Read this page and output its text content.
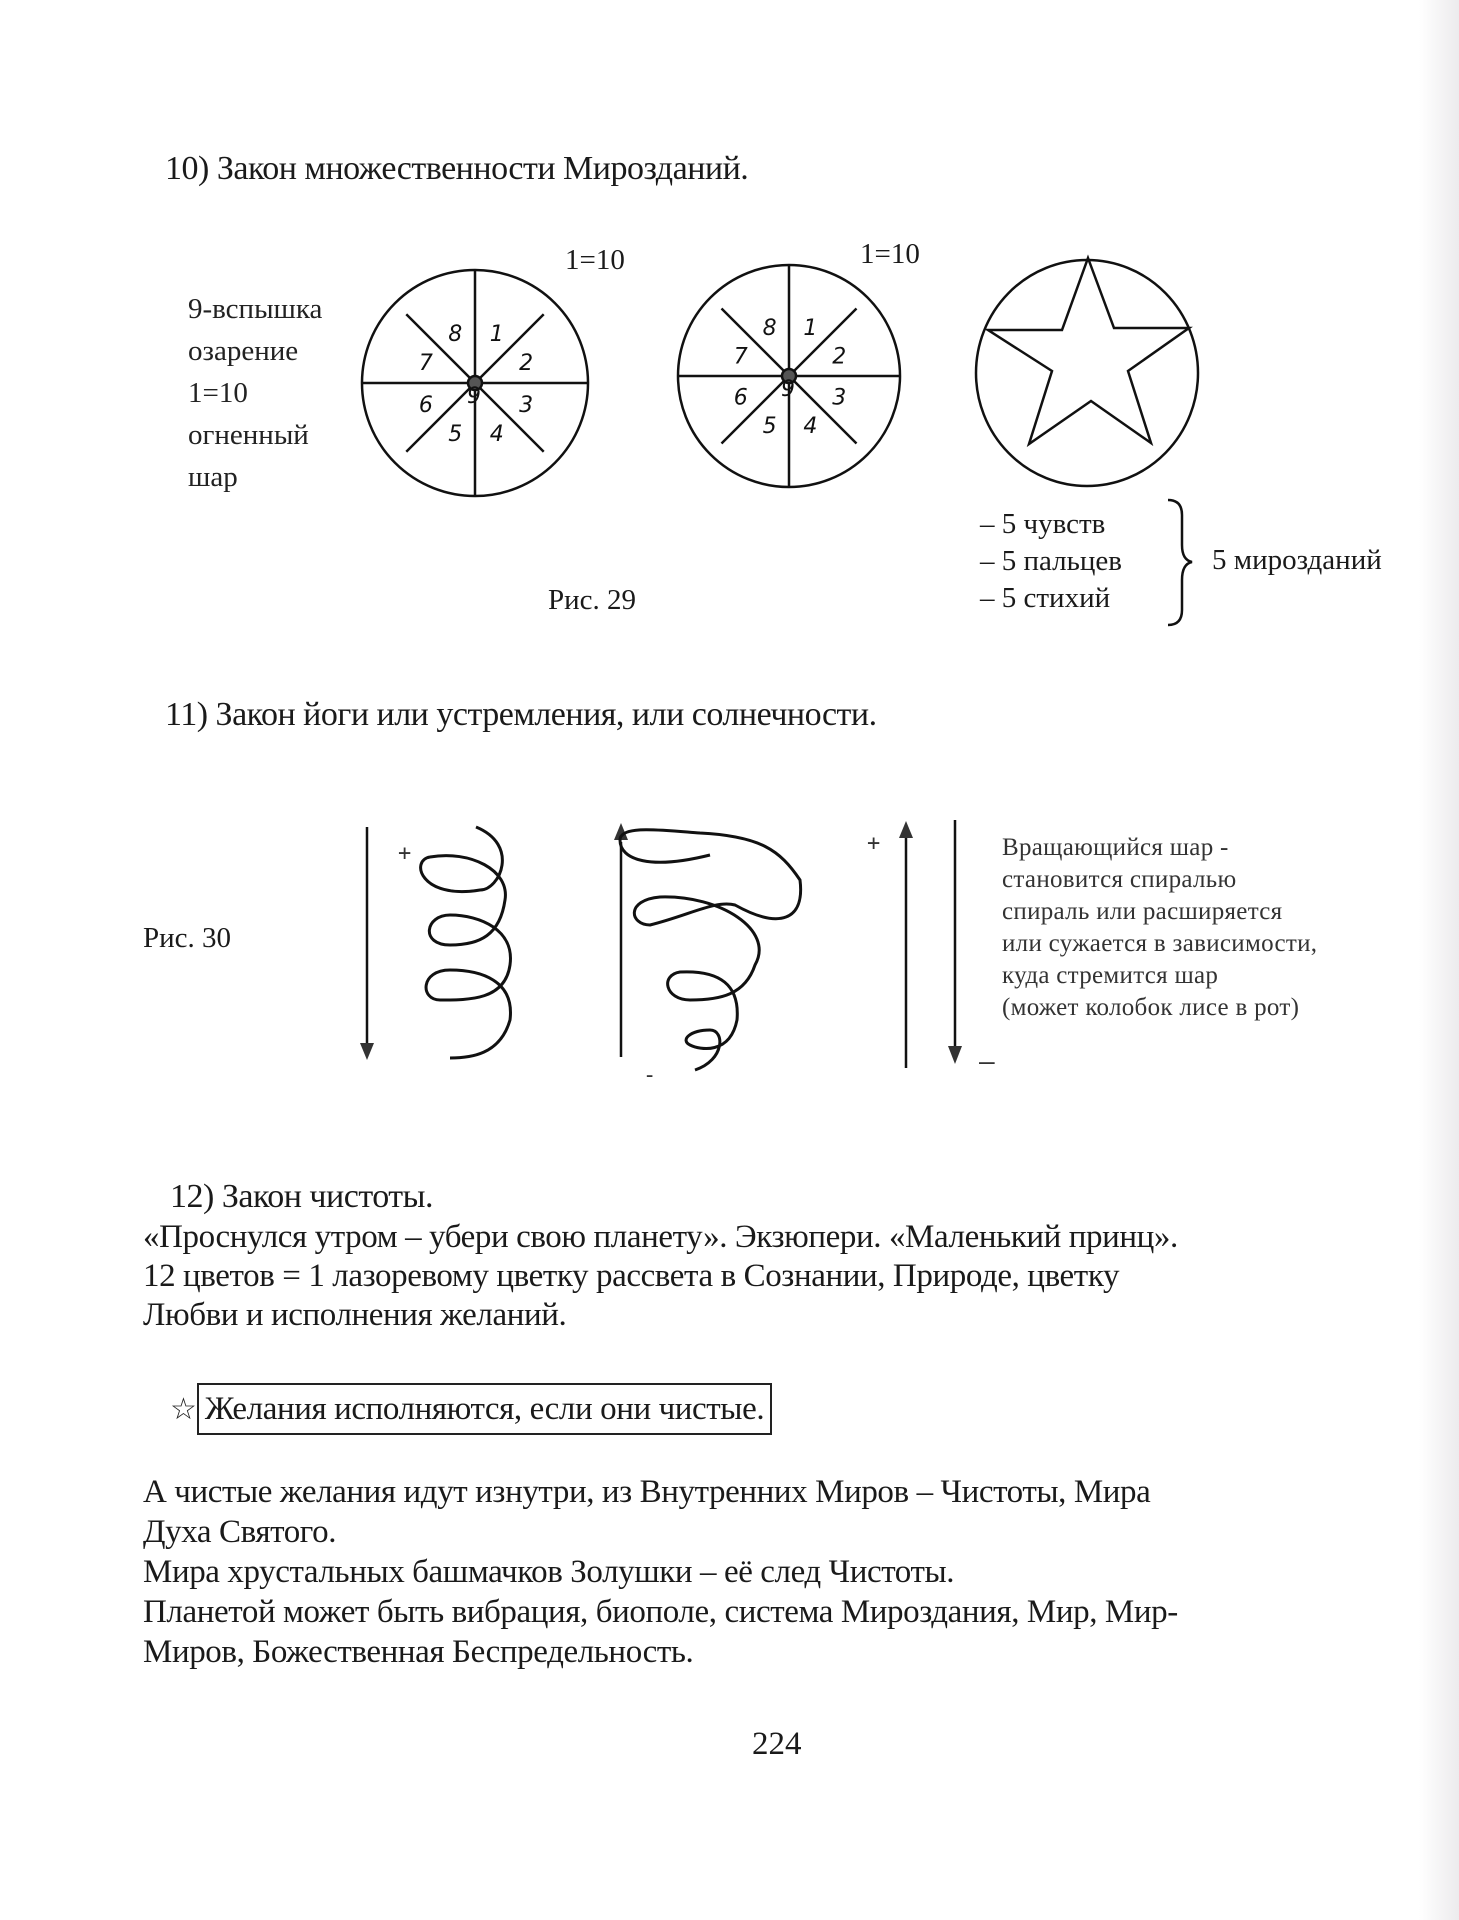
10) Закон множественности Мирозданий.
9-вспышка
озарение
1=10
огненный
шар
1=10	1=10
+	+
-	–
1
2
3
4
5
6
7
8
9
1
2
3
4
5
6
7
8
9
Рис. 29
– 5 чувств
– 5 пальцев
– 5 стихий
5 мирозданий
11) Закон йоги или устремления, или солнечности.
Рис. 30
Вращающийся шар -
становится спиралью
спираль или расширяется
или сужается в зависимости,
куда стремится шар
(может колобок лисе в рот)
12) Закон чистоты.
«Проснулся утром – убери свою планету». Экзюпери. «Маленький принц».
12 цветов = 1 лазоревому цветку рассвета в Сознании, Природе, цветку
Любви и исполнения желаний.
☆ Желания исполняются, если они чистые.
А чистые желания идут изнутри, из Внутренних Миров – Чистоты, Мира
Духа Святого.
Мира хрустальных башмачков Золушки – её след Чистоты.
Планетой может быть вибрация, биополе, система Мироздания, Мир, Мир-
Миров, Божественная Беспредельность.
224
